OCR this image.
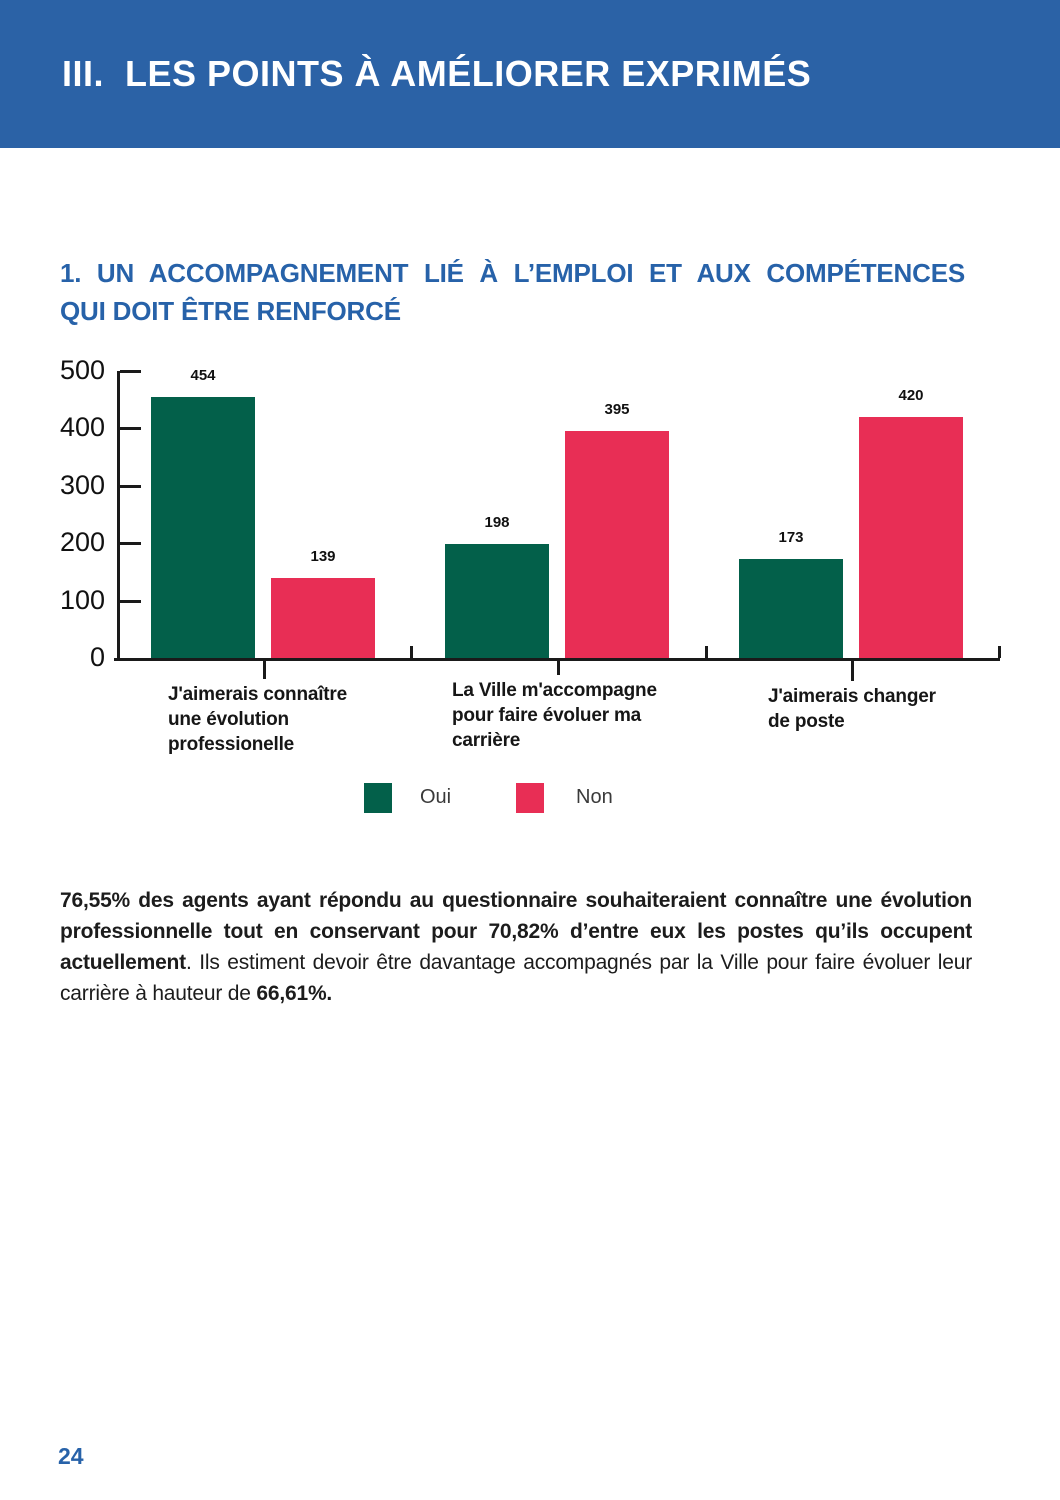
III.  LES POINTS À AMÉLIORER EXPRIMÉS
1. UN ACCOMPAGNEMENT LIÉ À L’EMPLOI ET AUX COMPÉTENCES
QUI DOIT ÊTRE RENFORCÉ
Oui	Non
0
100
200
300
400
500	454
139
J'aimerais connaître
une évolution
professionelle
198
395
La Ville m'accompagne
pour faire évoluer ma
carrière
173
420
J'aimerais changer
de poste

76,55% des agents ayant répondu au questionnaire souhaiteraient connaître une évolution professionnelle tout en conservant pour 70,82% d’entre eux les postes qu’ils occupent actuellement. Ils estiment devoir être davantage accompagnés par la Ville pour faire évoluer leur carrière à hauteur de 66,61%.

24
